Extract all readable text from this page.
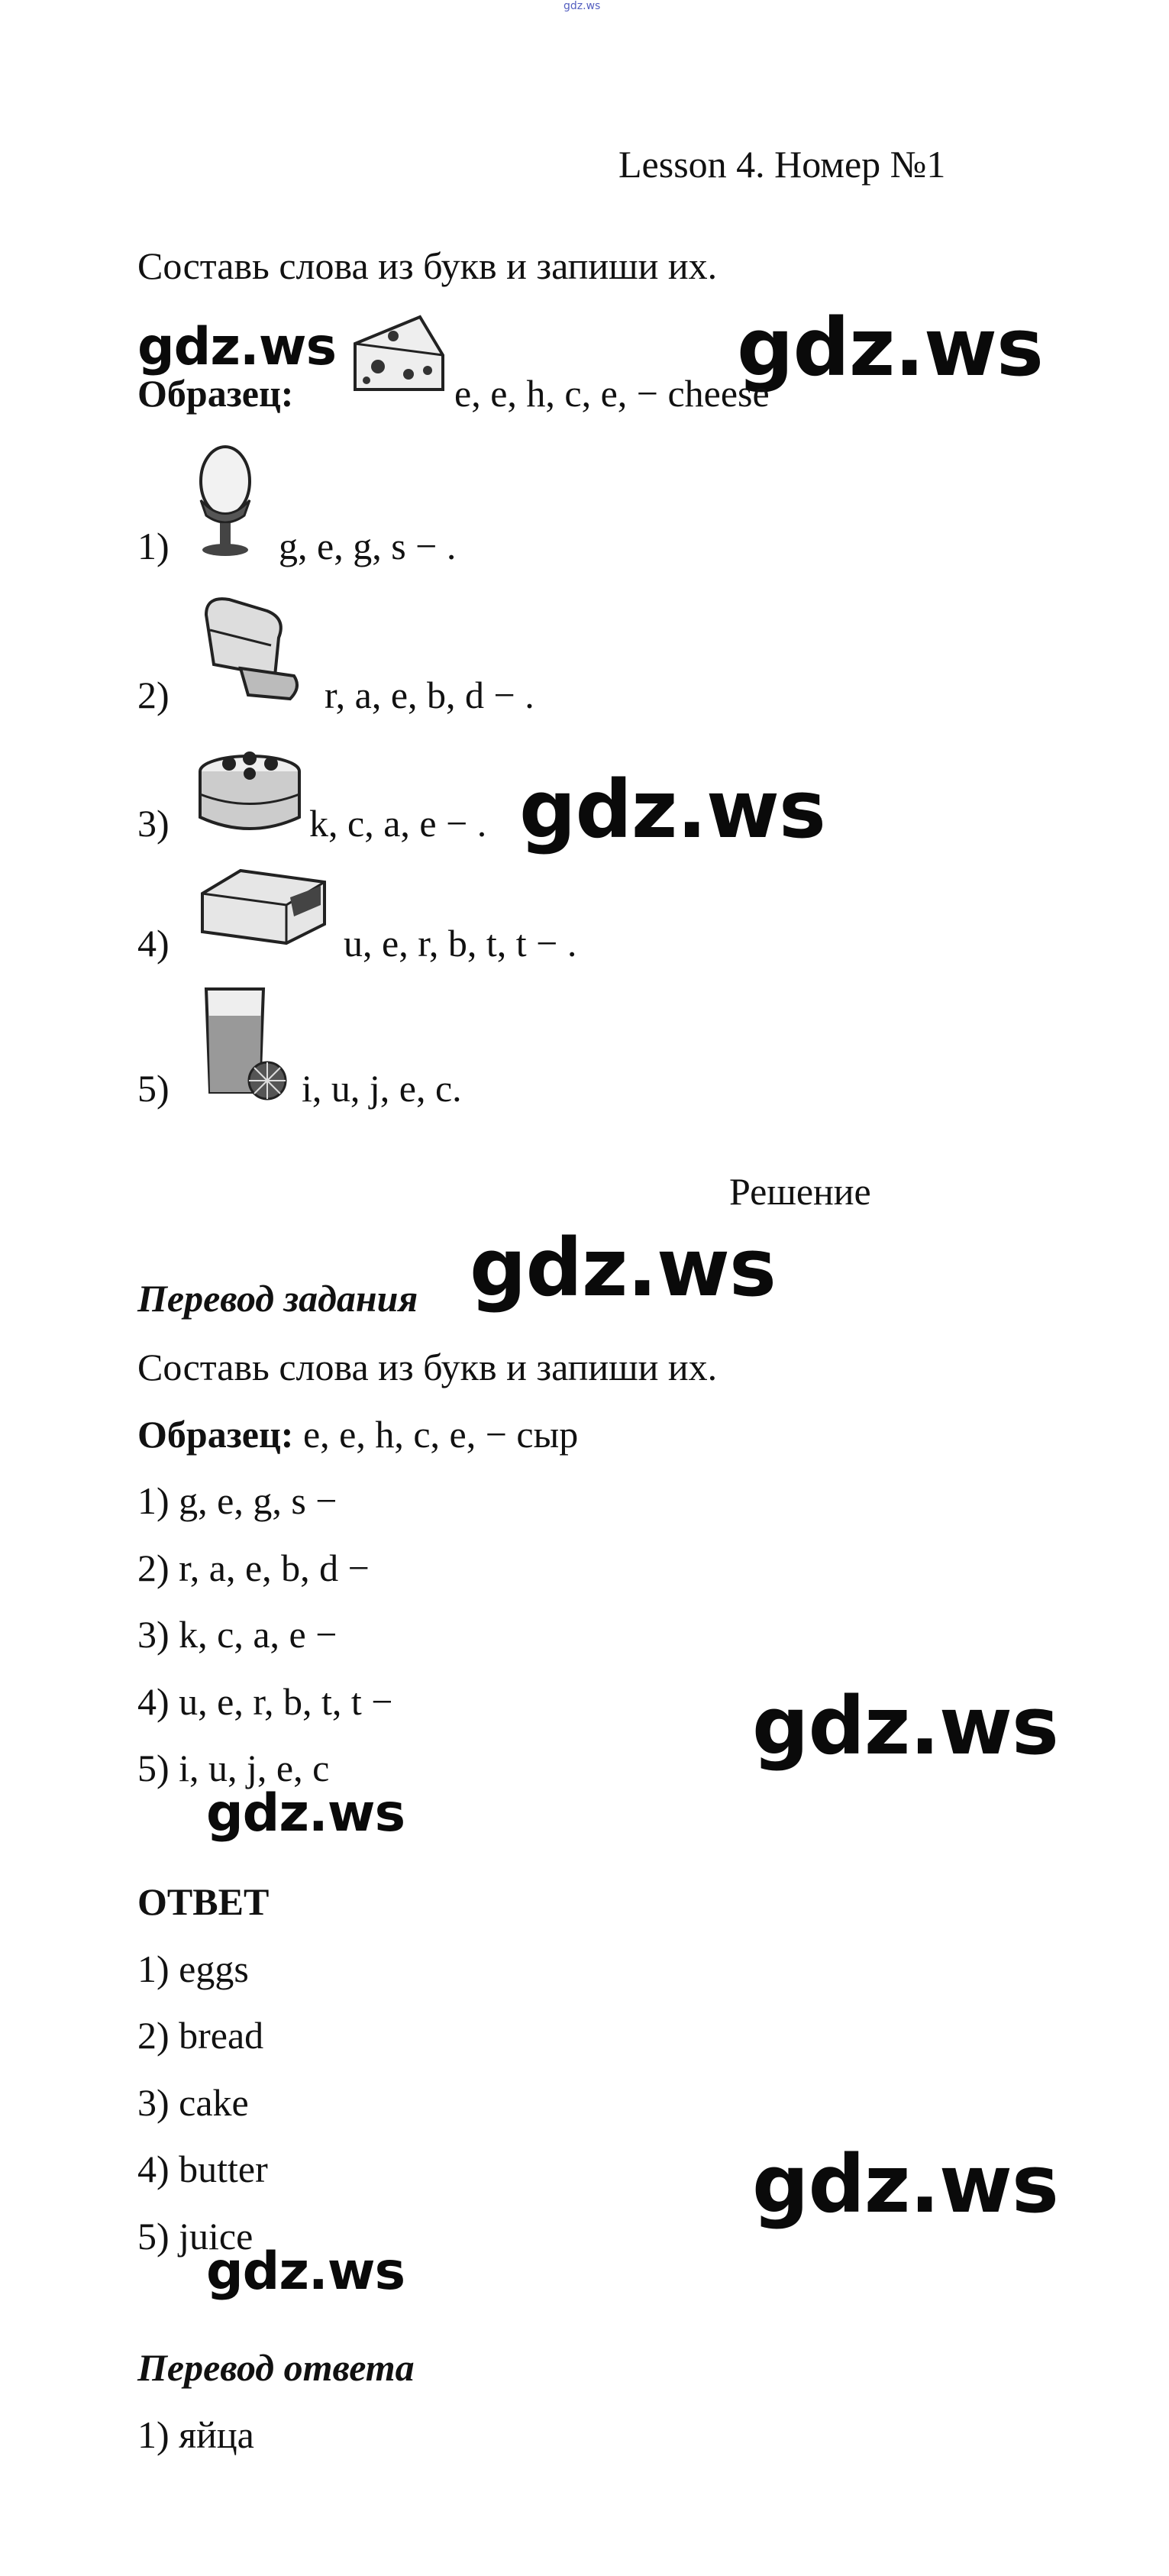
gdz.ws
Lesson 4. Номер №1
Составь слова из букв и запиши их.
gdz.ws	gdz.ws
Образец:	e, e, h, c, e, − cheese
1)	g, e, g, s − .
2)	r, a, e, b, d − .
3)	k, c, a, e − . gdz.ws
4)	u, e, r, b, t, t − .
5)	i, u, j, e, c.
Решение
gdz.ws
Перевод задания
Составь слова из букв и запиши их.
Образец: e, e, h, c, e, − сыр
1) g, e, g, s −
2) r, a, e, b, d −
3) k, c, a, e −
4) u, e, r, b, t, t −
5) i, u, j, e, c	gdz.ws
gdz.ws
ОТВЕТ
1) eggs
2) bread
3) cake
4) butter
5) juice
gdz.ws
gdz.ws
Перевод ответа
1) яйца
